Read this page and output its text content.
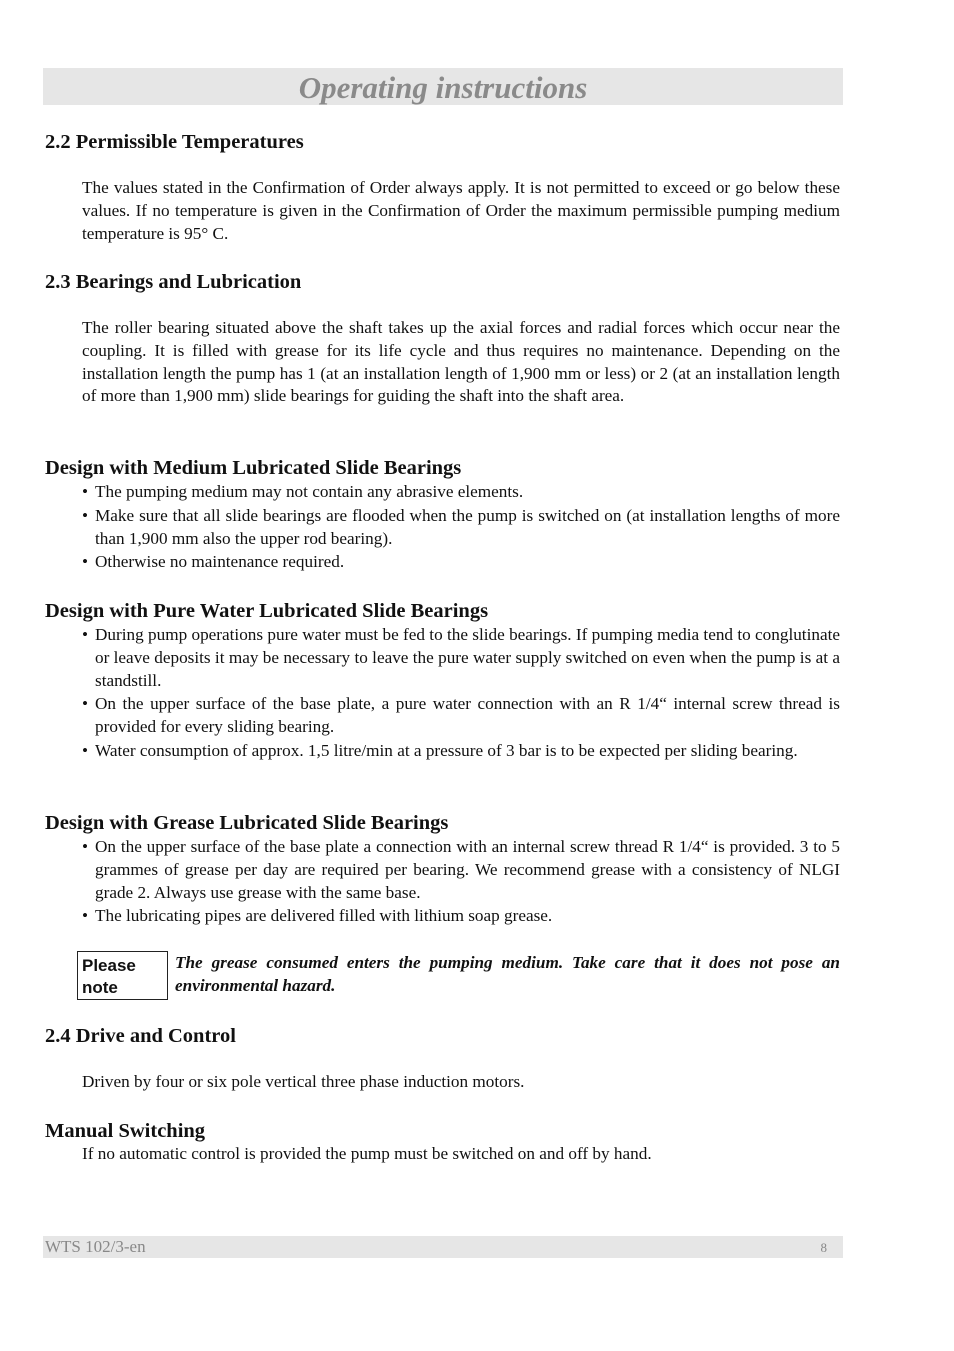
Operating instructions
2.2 Permissible Temperatures

The values stated in the Confirmation of Order always apply. It is not permitted to exceed or go below these values. If no temperature is given in the Confirmation of Order the maximum permissible pumping medium temperature is 95° C.

2.3 Bearings and Lubrication

The roller bearing situated above the shaft takes up the axial forces and radial forces which occur near the coupling. It is filled with grease for its life cycle and thus requires no maintenance. Depending on the installation length the pump has 1 (at an installation length of 1,900 mm or less) or 2 (at an installation length of more than 1,900 mm) slide bearings for guiding the shaft into the shaft area.

Design with Medium Lubricated Slide Bearings
• The pumping medium may not contain any abrasive elements.
• Make sure that all slide bearings are flooded when the pump is switched on (at installation lengths of more than 1,900 mm also the upper rod bearing).
• Otherwise no maintenance required.
Design with Pure Water Lubricated Slide Bearings
• During pump operations pure water must be fed to the slide bearings. If pumping media tend to conglutinate or leave deposits it may be necessary to leave the pure water supply switched on even when the pump is at a standstill.
• On the upper surface of the base plate, a pure water connection with an R 1/4“ internal screw thread is provided for every sliding bearing.
• Water consumption of approx. 1,5 litre/min at a pressure of 3 bar is to be expected per sliding bearing.
Design with Grease Lubricated Slide Bearings
• On the upper surface of the base plate a connection with an internal screw thread R 1/4“ is provided. 3 to 5 grammes of grease per day are required per bearing. We recommend grease with a consistency of NLGI grade 2. Always use grease with the same base.
• The lubricating pipes are delivered filled with lithium soap grease.
Please
note

The grease consumed enters the pumping medium. Take care that it does not pose an environmental hazard.

2.4 Drive and Control

Driven by four or six pole vertical three phase induction motors.

Manual Switching

If no automatic control is provided the pump must be switched on and off by hand.

WTS 102/3-en	8
